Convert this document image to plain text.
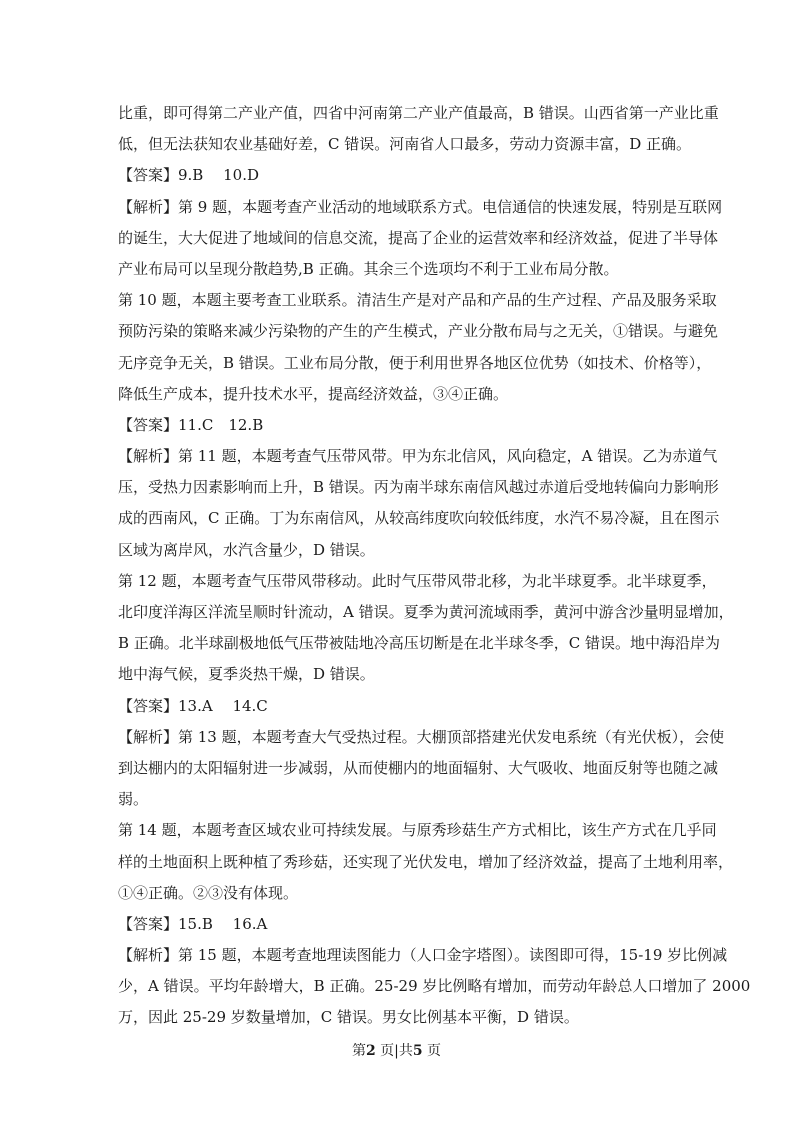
比重，即可得第二产业产值，四省中河南第二产业产值最高，B 错误。山西省第一产业比重
低，但无法获知农业基础好差，C 错误。河南省人口最多，劳动力资源丰富，D 正确。
【答案】9.B　 10.D
【解析】第 9 题，本题考查产业活动的地域联系方式。电信通信的快速发展，特别是互联网
的诞生，大大促进了地域间的信息交流，提高了企业的运营效率和经济效益，促进了半导体
产业布局可以呈现分散趋势,B 正确。其余三个选项均不利于工业布局分散。
第 10 题，本题主要考查工业联系。清洁生产是对产品和产品的生产过程、产品及服务采取
预防污染的策略来减少污染物的产生的产生模式，产业分散布局与之无关，①错误。与避免
无序竞争无关，B 错误。工业布局分散，便于利用世界各地区位优势（如技术、价格等），
降低生产成本，提升技术水平，提高经济效益，③④正确。
【答案】11.C　12.B
【解析】第 11 题，本题考查气压带风带。甲为东北信风，风向稳定，A 错误。乙为赤道气
压，受热力因素影响而上升，B 错误。丙为南半球东南信风越过赤道后受地转偏向力影响形
成的西南风，C 正确。丁为东南信风，从较高纬度吹向较低纬度，水汽不易冷凝，且在图示
区域为离岸风，水汽含量少，D 错误。
第 12 题，本题考查气压带风带移动。此时气压带风带北移，为北半球夏季。北半球夏季，
北印度洋海区洋流呈顺时针流动，A 错误。夏季为黄河流域雨季，黄河中游含沙量明显增加，
B 正确。北半球副极地低气压带被陆地冷高压切断是在北半球冬季，C 错误。地中海沿岸为
地中海气候，夏季炎热干燥，D 错误。
【答案】13.A　 14.C
【解析】第 13 题，本题考查大气受热过程。大棚顶部搭建光伏发电系统（有光伏板），会使
到达棚内的太阳辐射进一步减弱，从而使棚内的地面辐射、大气吸收、地面反射等也随之减
弱。
第 14 题，本题考查区域农业可持续发展。与原秀珍菇生产方式相比，该生产方式在几乎同
样的土地面积上既种植了秀珍菇，还实现了光伏发电，增加了经济效益，提高了土地利用率，
①④正确。②③没有体现。
【答案】15.B　 16.A
【解析】第 15 题，本题考查地理读图能力（人口金字塔图）。读图即可得，15-19 岁比例减
少，A 错误。平均年龄增大，B 正确。25-29 岁比例略有增加，而劳动年龄总人口增加了 2000
万，因此 25-29 岁数量增加，C 错误。男女比例基本平衡，D 错误。
第2 页|共5 页
